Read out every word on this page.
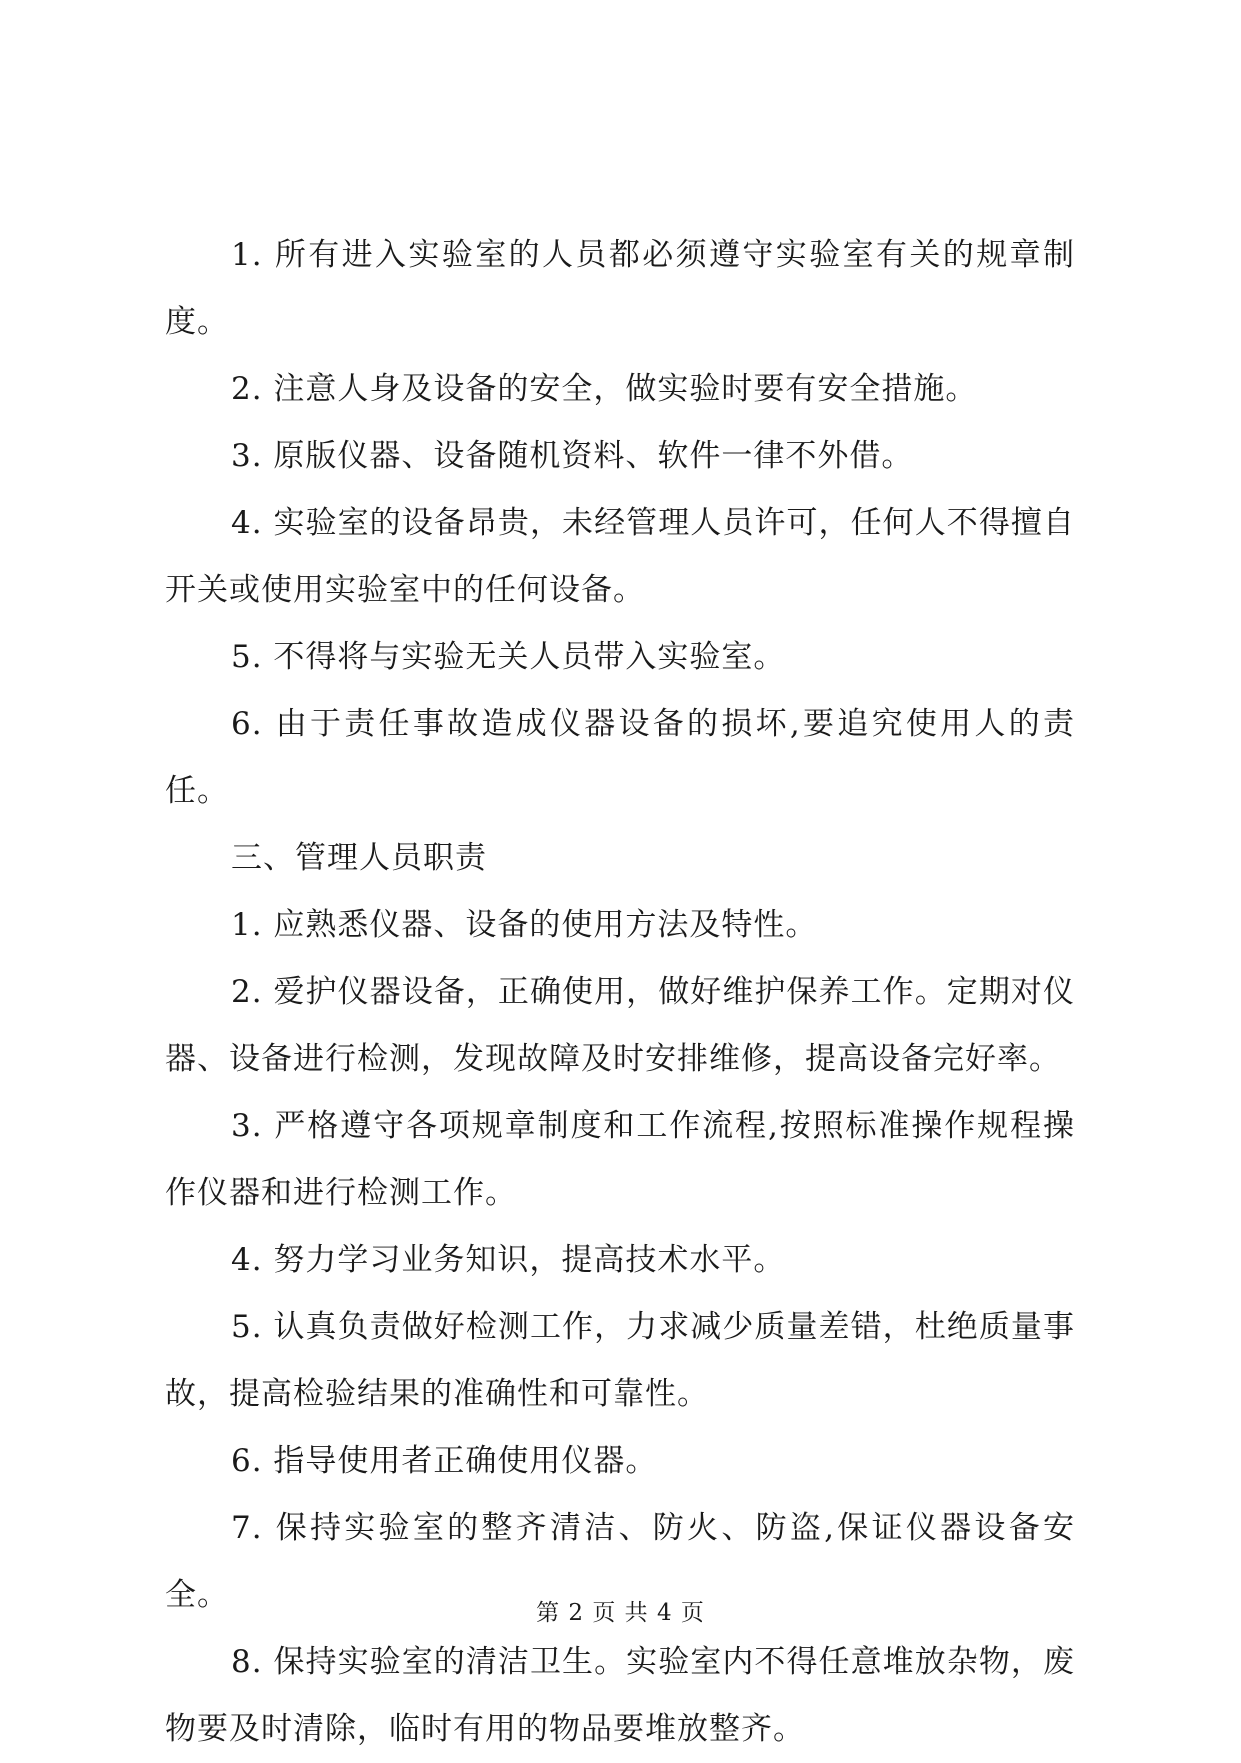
1. 所有进入实验室的人员都必须遵守实验室有关的规章制度。

2. 注意人身及设备的安全，做实验时要有安全措施。

3. 原版仪器、设备随机资料、软件一律不外借。

4. 实验室的设备昂贵，未经管理人员许可，任何人不得擅自开关或使用实验室中的任何设备。

5. 不得将与实验无关人员带入实验室。

6. 由于责任事故造成仪器设备的损坏,要追究使用人的责任。

三、管理人员职责

1. 应熟悉仪器、设备的使用方法及特性。

2. 爱护仪器设备，正确使用，做好维护保养工作。定期对仪器、设备进行检测，发现故障及时安排维修，提高设备完好率。

3. 严格遵守各项规章制度和工作流程,按照标准操作规程操作仪器和进行检测工作。

4. 努力学习业务知识，提高技术水平。

5. 认真负责做好检测工作，力求减少质量差错，杜绝质量事故，提高检验结果的准确性和可靠性。

6. 指导使用者正确使用仪器。

7. 保持实验室的整齐清洁、防火、防盗,保证仪器设备安全。

8. 保持实验室的清洁卫生。实验室内不得任意堆放杂物，废物要及时清除，临时有用的物品要堆放整齐。

第 2 页 共 4 页
